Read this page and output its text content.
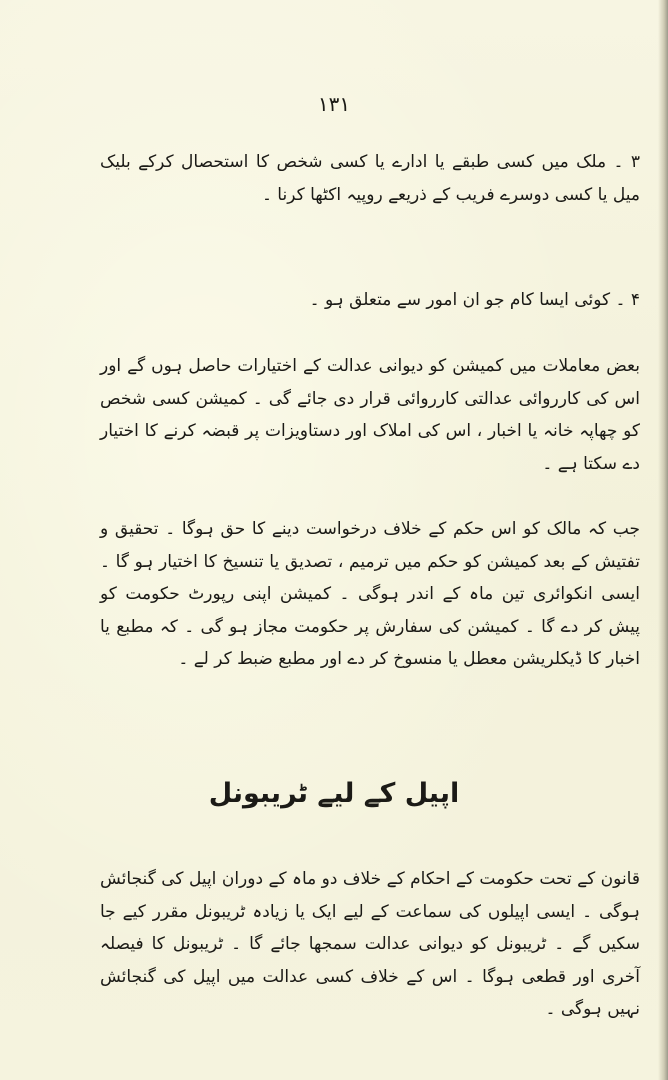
١٣١
٣ ۔ ملک میں کسی طبقے یا ادارے یا کسی شخص کا استحصال کرکے بلیک میل یا کسی دوسرے فریب کے ذریعے روپیہ اکٹھا کرنا ۔
۴ ۔ کوئی ایسا کام جو ان امور سے متعلق ہو ۔
بعض معاملات میں کمیشن کو دیوانی عدالت کے اختیارات حاصل ہوں گے اور اس کی کارروائی عدالتی کارروائی قرار دی جائے گی ۔ کمیشن کسی شخص کو چھاپہ خانہ یا اخبار ، اس کی املاک اور دستاویزات پر قبضہ کرنے کا اختیار دے سکتا ہے ۔
جب کہ مالک کو اس حکم کے خلاف درخواست دینے کا حق ہوگا ۔ تحقیق و تفتیش کے بعد کمیشن کو حکم میں ترمیم ، تصدیق یا تنسیخ کا اختیار ہو گا ۔ ایسی انکوائری تین ماہ کے اندر ہوگی ۔ کمیشن اپنی رپورٹ حکومت کو پیش کر دے گا ۔ کمیشن کی سفارش پر حکومت مجاز ہو گی ۔ کہ مطبع یا اخبار کا ڈیکلریشن معطل یا منسوخ کر دے اور مطبع ضبط کر لے ۔
اپیل کے لیے ٹریبونل
قانون کے تحت حکومت کے احکام کے خلاف دو ماہ کے دوران اپیل کی گنجائش ہوگی ۔ ایسی اپیلوں کی سماعت کے لیے ایک یا زیادہ ٹریبونل مقرر کیے جا سکیں گے ۔ ٹریبونل کو دیوانی عدالت سمجھا جائے گا ۔ ٹریبونل کا فیصلہ آخری اور قطعی ہوگا ۔ اس کے خلاف کسی عدالت میں اپیل کی گنجائش نہیں ہوگی ۔
